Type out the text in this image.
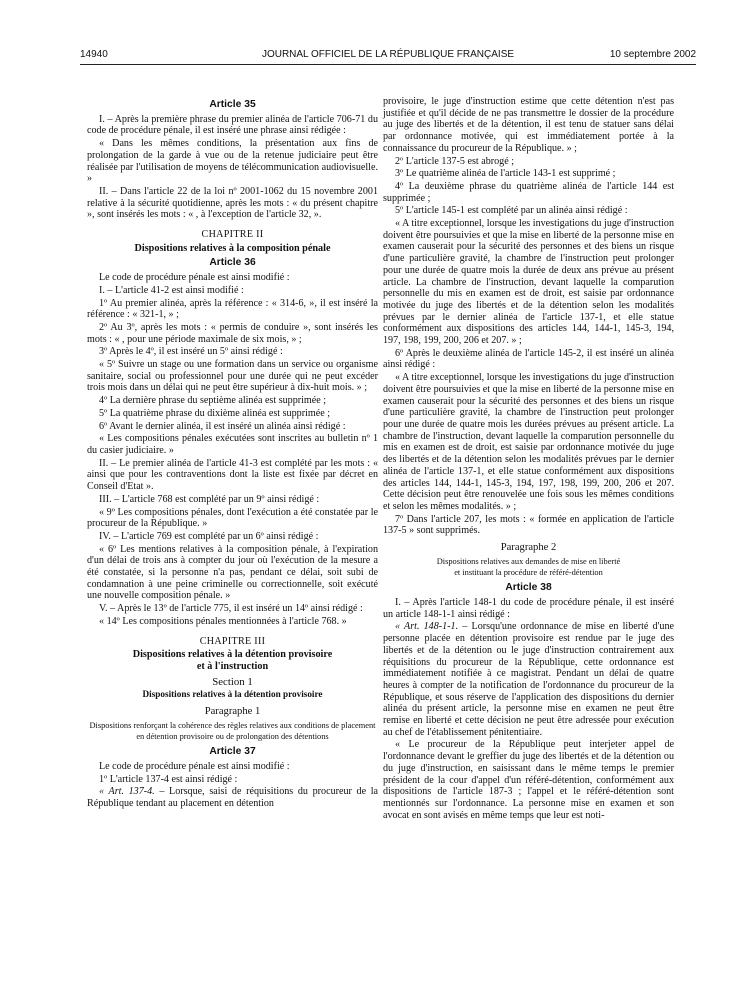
14940	JOURNAL OFFICIEL DE LA RÉPUBLIQUE FRANÇAISE	10 septembre 2002
Article 35

I. – Après la première phrase du premier alinéa de l'article 706-71 du code de procédure pénale, il est inséré une phrase ainsi rédigée :

« Dans les mêmes conditions, la présentation aux fins de prolongation de la garde à vue ou de la retenue judiciaire peut être réalisée par l'utilisation de moyens de télécommunication audiovisuelle. »

II. – Dans l'article 22 de la loi nº 2001-1062 du 15 novembre 2001 relative à la sécurité quotidienne, après les mots : « du présent chapitre », sont insérés les mots : « , à l'exception de l'article 32, ».

CHAPITRE II
Dispositions relatives à la composition pénale
Article 36

Le code de procédure pénale est ainsi modifié :

I. – L'article 41-2 est ainsi modifié :

1º Au premier alinéa, après la référence : « 314-6, », il est inséré la référence : « 321-1, » ;

2º Au 3º, après les mots : « permis de conduire », sont insérés les mots : « , pour une période maximale de six mois, » ;

3º Après le 4º, il est inséré un 5º ainsi rédigé :

« 5º Suivre un stage ou une formation dans un service ou organisme sanitaire, social ou professionnel pour une durée qui ne peut excéder trois mois dans un délai qui ne peut être supérieur à dix-huit mois. » ;

4º La dernière phrase du septième alinéa est supprimée ;

5º La quatrième phrase du dixième alinéa est supprimée ;

6º Avant le dernier alinéa, il est inséré un alinéa ainsi rédigé :

« Les compositions pénales exécutées sont inscrites au bulletin nº 1 du casier judiciaire. »

II. – Le premier alinéa de l'article 41-3 est complété par les mots : « ainsi que pour les contraventions dont la liste est fixée par décret en Conseil d'Etat ».

III. – L'article 768 est complété par un 9º ainsi rédigé :

« 9º Les compositions pénales, dont l'exécution a été constatée par le procureur de la République. »

IV. – L'article 769 est complété par un 6º ainsi rédigé :

« 6º Les mentions relatives à la composition pénale, à l'expiration d'un délai de trois ans à compter du jour où l'exécution de la mesure a été constatée, si la personne n'a pas, pendant ce délai, soit subi de condamnation à une peine criminelle ou correctionnelle, soit exécuté une nouvelle composition pénale. »

V. – Après le 13º de l'article 775, il est inséré un 14º ainsi rédigé :

« 14º Les compositions pénales mentionnées à l'article 768. »

CHAPITRE III
Dispositions relatives à la détention provisoire
et à l'instruction
Section 1
Dispositions relatives à la détention provisoire
Paragraphe 1
Dispositions renforçant la cohérence des règles relatives aux conditions de placement en détention provisoire ou de prolongation des détentions
Article 37

Le code de procédure pénale est ainsi modifié :

1º L'article 137-4 est ainsi rédigé :

« Art. 137-4. – Lorsque, saisi de réquisitions du procureur de la République tendant au placement en détention

provisoire, le juge d'instruction estime que cette détention n'est pas justifiée et qu'il décide de ne pas transmettre le dossier de la procédure au juge des libertés et de la détention, il est tenu de statuer sans délai par ordonnance motivée, qui est immédiatement portée à la connaissance du procureur de la République. » ;

2º L'article 137-5 est abrogé ;

3º Le quatrième alinéa de l'article 143-1 est supprimé ;

4º La deuxième phrase du quatrième alinéa de l'article 144 est supprimée ;

5º L'article 145-1 est complété par un alinéa ainsi rédigé :

« A titre exceptionnel, lorsque les investigations du juge d'instruction doivent être poursuivies et que la mise en liberté de la personne mise en examen causerait pour la sécurité des personnes et des biens un risque d'une particulière gravité, la chambre de l'instruction peut prolonger pour une durée de quatre mois la durée de deux ans prévue au présent article. La chambre de l'instruction, devant laquelle la comparution personnelle du mis en examen est de droit, est saisie par ordonnance motivée du juge des libertés et de la détention selon les modalités prévues par le dernier alinéa de l'article 137-1, et elle statue conformément aux dispositions des articles 144, 144-1, 145-3, 194, 197, 198, 199, 200, 206 et 207. » ;

6º Après le deuxième alinéa de l'article 145-2, il est inséré un alinéa ainsi rédigé :

« A titre exceptionnel, lorsque les investigations du juge d'instruction doivent être poursuivies et que la mise en liberté de la personne mise en examen causerait pour la sécurité des personnes et des biens un risque d'une particulière gravité, la chambre de l'instruction peut prolonger pour une durée de quatre mois les durées prévues au présent article. La chambre de l'instruction, devant laquelle la comparution personnelle du mis en examen est de droit, est saisie par ordonnance motivée du juge des libertés et de la détention selon les modalités prévues par le dernier alinéa de l'article 137-1, et elle statue conformément aux dispositions des articles 144, 144-1, 145-3, 194, 197, 198, 199, 200, 206 et 207. Cette décision peut être renouvelée une fois sous les mêmes conditions et selon les mêmes modalités. » ;

7º Dans l'article 207, les mots : « formée en application de l'article 137-5 » sont supprimés.

Paragraphe 2
Dispositions relatives aux demandes de mise en liberté
et instituant la procédure de référé-détention
Article 38

I. – Après l'article 148-1 du code de procédure pénale, il est inséré un article 148-1-1 ainsi rédigé :

« Art. 148-1-1. – Lorsqu'une ordonnance de mise en liberté d'une personne placée en détention provisoire est rendue par le juge des libertés et de la détention ou le juge d'instruction contrairement aux réquisitions du procureur de la République, cette ordonnance est immédiatement notifiée à ce magistrat. Pendant un délai de quatre heures à compter de la notification de l'ordonnance du procureur de la République, et sous réserve de l'application des dispositions du dernier alinéa du présent article, la personne mise en examen ne peut être remise en liberté et cette décision ne peut être adressée pour exécution au chef de l'établissement pénitentiaire.

« Le procureur de la République peut interjeter appel de l'ordonnance devant le greffier du juge des libertés et de la détention ou du juge d'instruction, en saisissant dans le même temps le premier président de la cour d'appel d'un référé-détention, conformément aux dispositions de l'article 187-3 ; l'appel et le référé-détention sont mentionnés sur l'ordonnance. La personne mise en examen et son avocat en sont avisés en même temps que leur est noti-
